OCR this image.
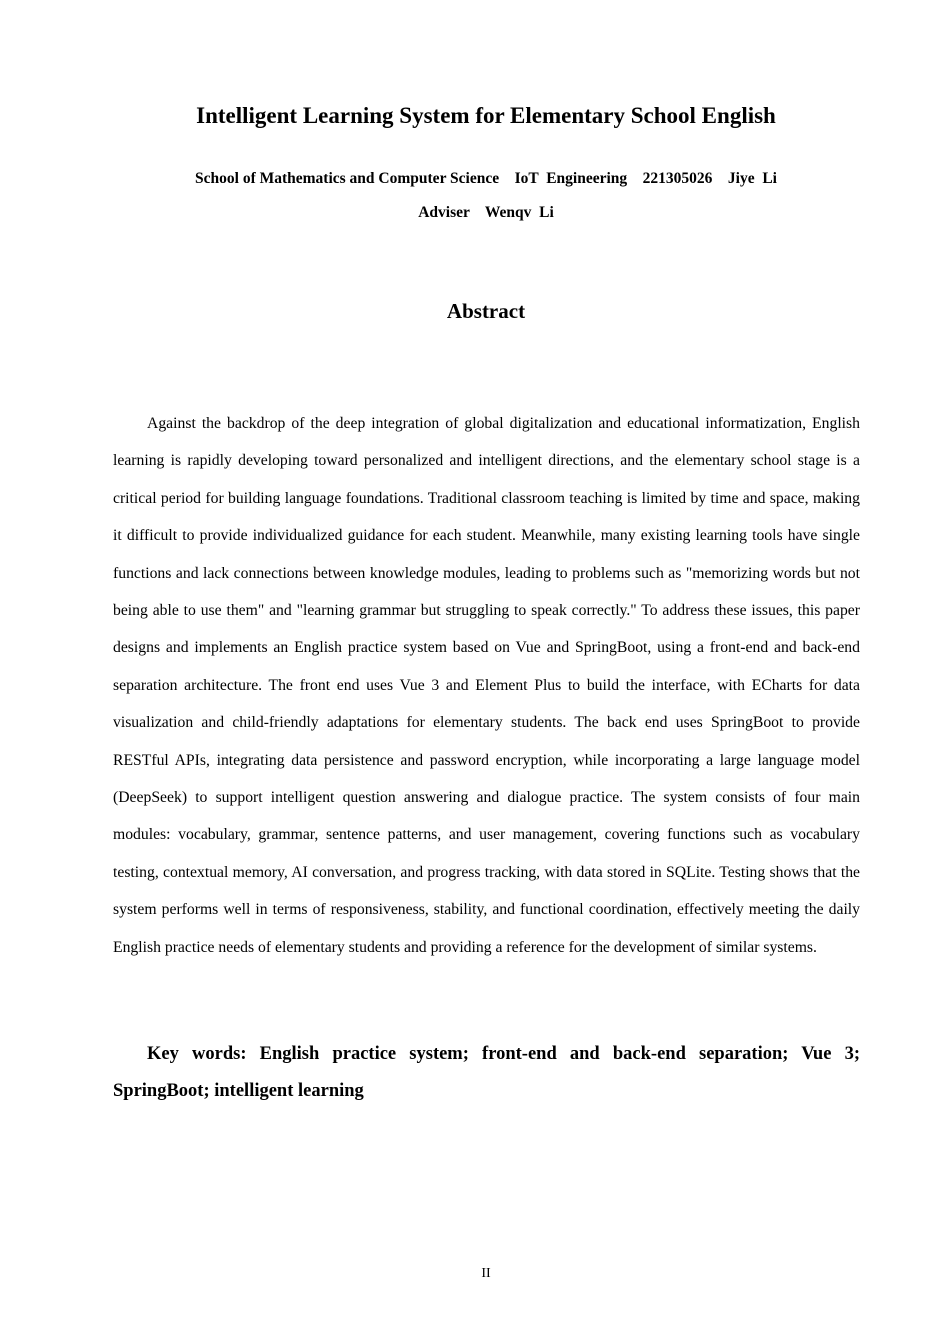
Intelligent Learning System for Elementary School English
School of Mathematics and Computer Science    IoT  Engineering    221305026    Jiye  Li
Adviser    Wenqv  Li
Abstract

Against the backdrop of the deep integration of global digitalization and educational informatization, English learning is rapidly developing toward personalized and intelligent directions, and the elementary school stage is a critical period for building language foundations. Traditional classroom teaching is limited by time and space, making it difficult to provide individualized guidance for each student. Meanwhile, many existing learning tools have single functions and lack connections between knowledge modules, leading to problems such as "memorizing words but not being able to use them" and "learning grammar but struggling to speak correctly." To address these issues, this paper designs and implements an English practice system based on Vue and SpringBoot, using a front-end and back-end separation architecture. The front end uses Vue 3 and Element Plus to build the interface, with ECharts for data visualization and child-friendly adaptations for elementary students. The back end uses SpringBoot to provide RESTful APIs, integrating data persistence and password encryption, while incorporating a large language model (DeepSeek) to support intelligent question answering and dialogue practice. The system consists of four main modules: vocabulary, grammar, sentence patterns, and user management, covering functions such as vocabulary testing, contextual memory, AI conversation, and progress tracking, with data stored in SQLite. Testing shows that the system performs well in terms of responsiveness, stability, and functional coordination, effectively meeting the daily English practice needs of elementary students and providing a reference for the development of similar systems.

Key words: English practice system; front-end and back-end separation; Vue 3; SpringBoot; intelligent learning

II
